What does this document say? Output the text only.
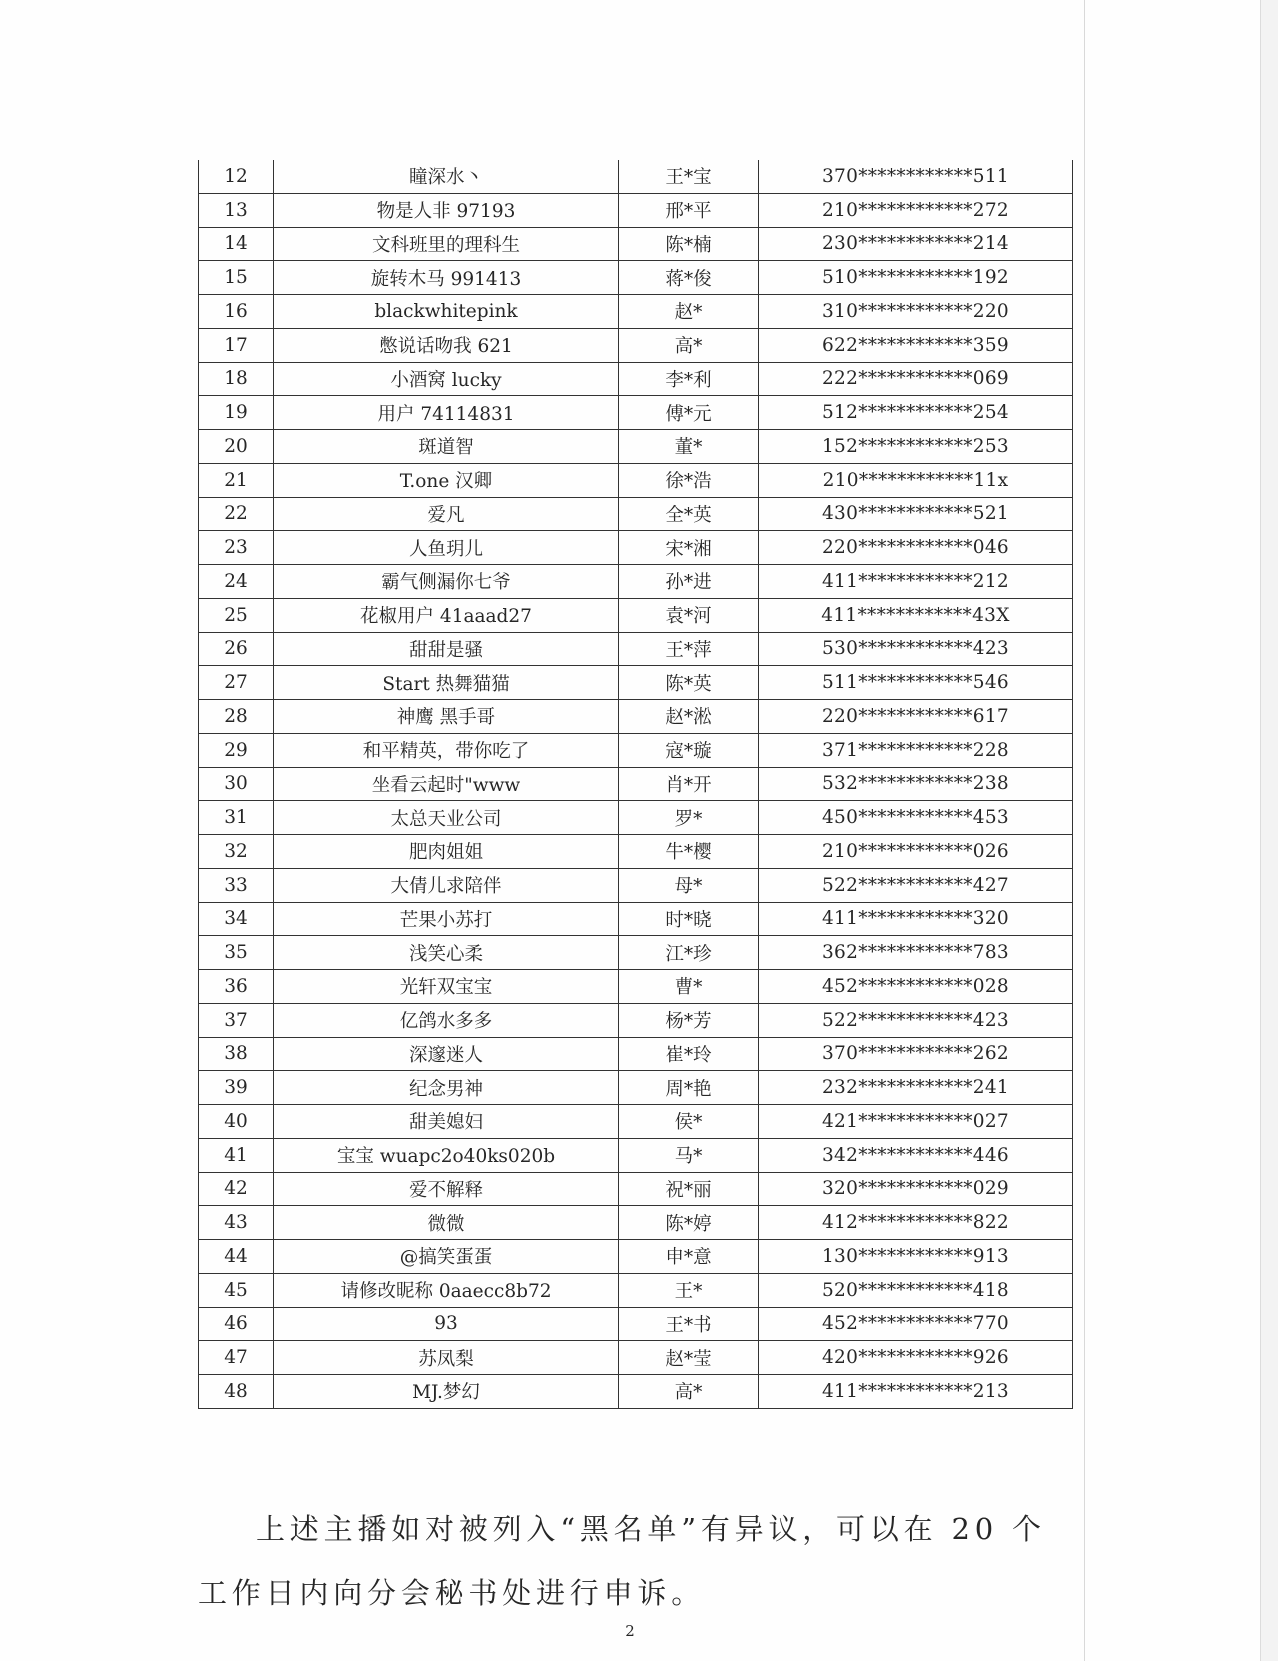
12	瞳深水丶	王*宝	370************511
13	物是人非 97193	邢*平	210************272
14	文科班里的理科生	陈*楠	230************214
15	旋转木马 991413	蒋*俊	510************192
16	blackwhitepink	赵*	310************220
17	憋说话吻我 621	高*	622************359
18	小酒窝 lucky	李*利	222************069
19	用户 74114831	傅*元	512************254
20	斑道智	董*	152************253
21	T.one 汉卿	徐*浩	210************11x
22	爱凡	全*英	430************521
23	人鱼玥儿	宋*湘	220************046
24	霸气侧漏你七爷	孙*进	411************212
25	花椒用户 41aaad27	袁*河	411************43X
26	甜甜是骚	王*萍	530************423
27	Start 热舞猫猫	陈*英	511************546
28	神鹰 黑手哥	赵*淞	220************617
29	和平精英，带你吃了	寇*璇	371************228
30	坐看云起时"www	肖*开	532************238
31	太总天业公司	罗*	450************453
32	肥肉姐姐	牛*樱	210************026
33	大倩儿求陪伴	母*	522************427
34	芒果小苏打	时*晓	411************320
35	浅笑心柔	江*珍	362************783
36	光轩双宝宝	曹*	452************028
37	亿鸽水多多	杨*芳	522************423
38	深邃迷人	崔*玲	370************262
39	纪念男神	周*艳	232************241
40	甜美媳妇	侯*	421************027
41	宝宝 wuapc2o40ks020b	马*	342************446
42	爱不解释	祝*丽	320************029
43	微微	陈*婷	412************822
44	@搞笑蛋蛋	申*意	130************913
45	请修改昵称 0aaecc8b72	王*	520************418
46	93	王*书	452************770
47	苏凤梨	赵*莹	420************926
48	MJ.梦幻	高*	411************213

上述主播如对被列入“黑名单”有异议，可以在 20 个工作日内向分会秘书处进行申诉。

2
